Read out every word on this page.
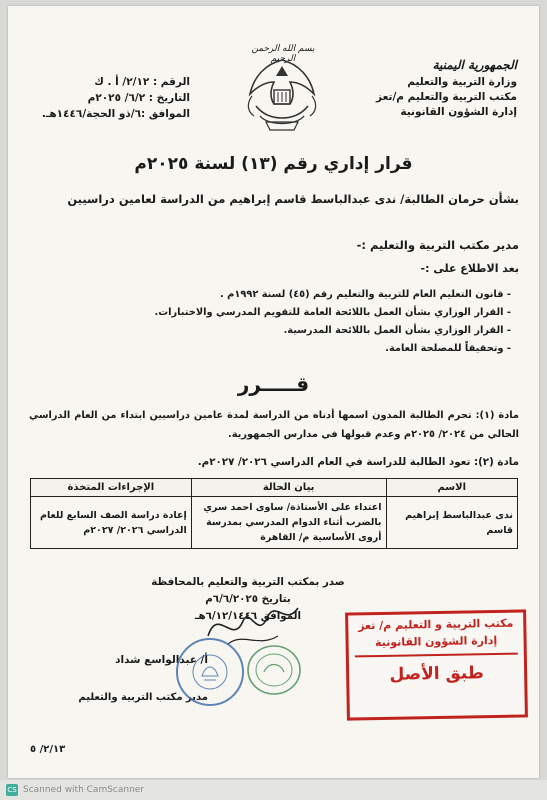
بسم الله الرحمن الرحيم	الجمهورية اليمنية
وزارة التربية والتعليم
مكتب التربية والتعليم م/تعز
إدارة الشؤون القانونية
الرقم : ٢/١٢/ أ . ك
التاريخ : ٦/٢/ ٢٠٢٥م
الموافق :٦/ذو الحجة/١٤٤٦هـ.
قرار إداري رقم (١٣) لسنة ٢٠٢٥م
بشأن حرمان الطالبة/ ندى عبدالباسط قاسم إبراهيم من الدراسة لعامين دراسيين
مدير مكتب التربية والتعليم :-
بعد الاطلاع على :-
- قانون التعليم العام للتربية والتعليم رقم (٤٥) لسنة ١٩٩٢م .
- القرار الوزاري بشأن العمل باللائحة العامة للتقويم المدرسي والاختبارات.
- القرار الوزاري بشأن العمل باللائحة المدرسية.
- وتحقيقاً للمصلحة العامة.
قـــــرر
مادة (١): تحرم الطالبة المدون اسمها أدناه من الدراسة لمدة عامين دراسيين ابتداء من العام الدراسي الحالي من ٢٠٢٤/ ٢٠٢٥م وعدم قبولها في مدارس الجمهورية.
مادة (٢): تعود الطالبة للدراسة في العام الدراسي ٢٠٢٦/ ٢٠٢٧م.
الاسم	بيان الحالة	الإجراءات المتخذة
ندى عبدالباسط إبراهيم قاسم	اعتداء على الأستاذة/ ساوى احمد سري بالضرب أثناء الدوام المدرسي بمدرسة أروى الأساسية م/ القاهرة	إعادة دراسة الصف السابع للعام الدراسي ٢٠٢٦/ ٢٠٢٧م
صدر بمكتب التربية والتعليم بالمحافظة
بتاريخ ٦/٦/٢٠٢٥م
الموافق ٦/١٢/١٤٤٦هـ
أ/ عبدالواسع شداد
مدير مكتب التربية والتعليم
مكتب التربية و التعليم م/ تعز
إدارة الشؤون القانونية
طبق الأصل
٢/١٣/ ٥
CS Scanned with CamScanner
